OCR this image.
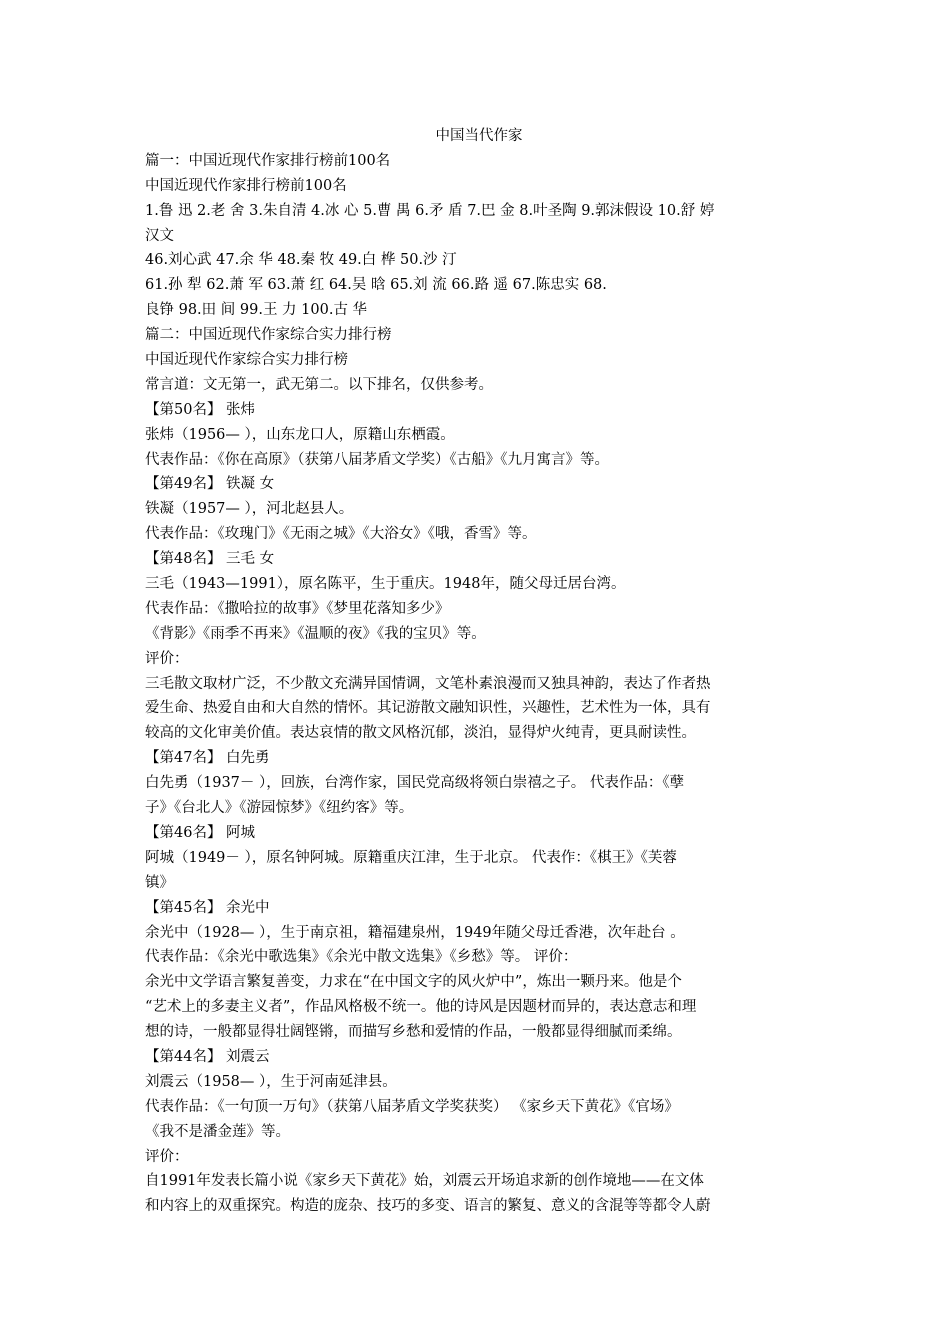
中国当代作家
篇一：中国近现代作家排行榜前100名
中国近现代作家排行榜前100名
1.鲁 迅 2.老 舍 3.朱自清 4.冰 心 5.曹 禺 6.矛 盾 7.巴 金 8.叶圣陶 9.郭沫假设 10.舒 婷
汉文
46.刘心武 47.余 华 48.秦 牧 49.白 桦 50.沙 汀
61.孙 犁 62.萧 军 63.萧 红 64.吴 晗 65.刘 流 66.路 遥 67.陈忠实 68.
良铮 98.田 间 99.王 力 100.古 华
篇二：中国近现代作家综合实力排行榜
中国近现代作家综合实力排行榜
常言道：文无第一，武无第二。以下排名，仅供参考。
【第50名】 张炜
张炜（1956— ），山东龙口人，原籍山东栖霞。
代表作品：《你在高原》（获第八届茅盾文学奖）《古船》《九月寓言》等。
【第49名】 铁凝 女
铁凝（1957— ），河北赵县人。
代表作品：《玫瑰门》《无雨之城》《大浴女》《哦，香雪》等。
【第48名】 三毛 女
三毛（1943—1991），原名陈平，生于重庆。1948年，随父母迁居台湾。
代表作品：《撒哈拉的故事》《梦里花落知多少》
《背影》《雨季不再来》《温顺的夜》《我的宝贝》等。
评价：
三毛散文取材广泛，不少散文充满异国情调，文笔朴素浪漫而又独具神韵，表达了作者热
爱生命、热爱自由和大自然的情怀。其记游散文融知识性，兴趣性，艺术性为一体，具有
较高的文化审美价值。表达哀情的散文风格沉郁，淡泊，显得炉火纯青，更具耐读性。
【第47名】 白先勇
白先勇（1937－ ），回族，台湾作家，国民党高级将领白崇禧之子。 代表作品：《孽
子》《台北人》《游园惊梦》《纽约客》等。
【第46名】 阿城
阿城（1949－ ），原名钟阿城。原籍重庆江津，生于北京。 代表作：《棋王》《芙蓉
镇》
【第45名】 余光中
余光中（1928— ），生于南京祖，籍福建泉州，1949年随父母迁香港，次年赴台 。
代表作品：《余光中歌选集》《余光中散文选集》《乡愁》等。 评价：
余光中文学语言繁复善变，力求在“在中国文字的风火炉中”，炼出一颗丹来。他是个
“艺术上的多妻主义者”，作品风格极不统一。他的诗风是因题材而异的，表达意志和理
想的诗，一般都显得壮阔铿锵，而描写乡愁和爱情的作品，一般都显得细腻而柔绵。
【第44名】 刘震云
刘震云（1958— ），生于河南延津县。
代表作品：《一句顶一万句》（获第八届茅盾文学奖获奖） 《家乡天下黄花》《官场》
《我不是潘金莲》等。
评价：
自1991年发表长篇小说《家乡天下黄花》始，刘震云开场追求新的创作境地——在文体
和内容上的双重探究。构造的庞杂、技巧的多变、语言的繁复、意义的含混等等都令人蔚
